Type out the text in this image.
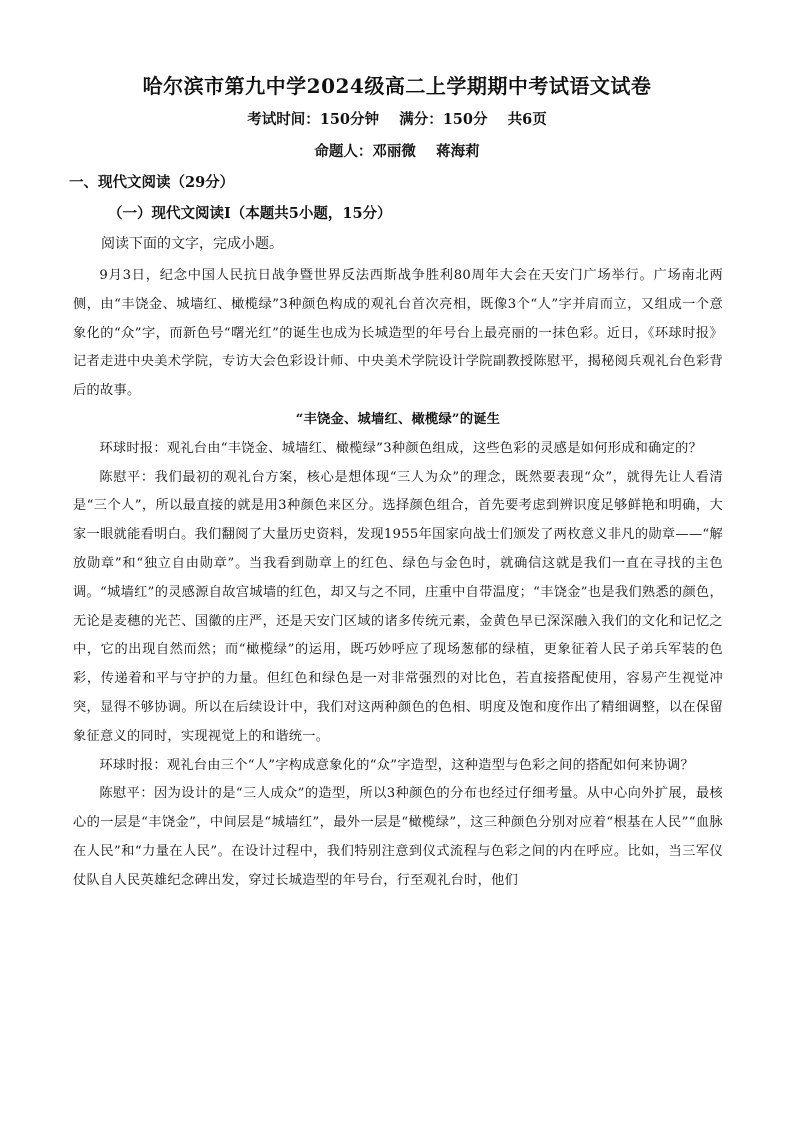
哈尔滨市第九中学2024级高二上学期期中考试语文试卷
考试时间：150分钟    满分：150分    共6页
命题人：邓丽微    蒋海莉
一、现代文阅读（29分）
（一）现代文阅读I（本题共5小题，15分）
阅读下面的文字，完成小题。

9月3日，纪念中国人民抗日战争暨世界反法西斯战争胜利80周年大会在天安门广场举行。广场南北两侧，由“丰饶金、城墙红、橄榄绿”3种颜色构成的观礼台首次亮相，既像3个“人”字并肩而立，又组成一个意象化的“众”字，而新色号“曙光红”的诞生也成为长城造型的年号台上最亮丽的一抹色彩。近日，《环球时报》记者走进中央美术学院，专访大会色彩设计师、中央美术学院设计学院副教授陈慰平，揭秘阅兵观礼台色彩背后的故事。

“丰饶金、城墙红、橄榄绿”的诞生

环球时报：观礼台由“丰饶金、城墙红、橄榄绿”3种颜色组成，这些色彩的灵感是如何形成和确定的？

陈慰平：我们最初的观礼台方案，核心是想体现“三人为众”的理念，既然要表现“众”，就得先让人看清是“三个人”，所以最直接的就是用3种颜色来区分。选择颜色组合，首先要考虑到辨识度足够鲜艳和明确，大家一眼就能看明白。我们翻阅了大量历史资料，发现1955年国家向战士们颁发了两枚意义非凡的勋章——“解放勋章”和“独立自由勋章”。当我看到勋章上的红色、绿色与金色时，就确信这就是我们一直在寻找的主色调。“城墙红”的灵感源自故宫城墙的红色，却又与之不同，庄重中自带温度；“丰饶金”也是我们熟悉的颜色，无论是麦穗的光芒、国徽的庄严，还是天安门区域的诸多传统元素，金黄色早已深深融入我们的文化和记忆之中，它的出现自然而然；而“橄榄绿”的运用，既巧妙呼应了现场葱郁的绿植，更象征着人民子弟兵军装的色彩，传递着和平与守护的力量。但红色和绿色是一对非常强烈的对比色，若直接搭配使用，容易产生视觉冲突，显得不够协调。所以在后续设计中，我们对这两种颜色的色相、明度及饱和度作出了精细调整，以在保留象征意义的同时，实现视觉上的和谐统一。

环球时报：观礼台由三个“人”字构成意象化的“众”字造型，这种造型与色彩之间的搭配如何来协调？

陈慰平：因为设计的是“三人成众”的造型，所以3种颜色的分布也经过仔细考量。从中心向外扩展，最核心的一层是“丰饶金”，中间层是“城墙红”，最外一层是“橄榄绿”，这三种颜色分别对应着“根基在人民”“血脉在人民”和“力量在人民”。在设计过程中，我们特别注意到仪式流程与色彩之间的内在呼应。比如，当三军仪仗队自人民英雄纪念碑出发，穿过长城造型的年号台，行至观礼台时，他们
